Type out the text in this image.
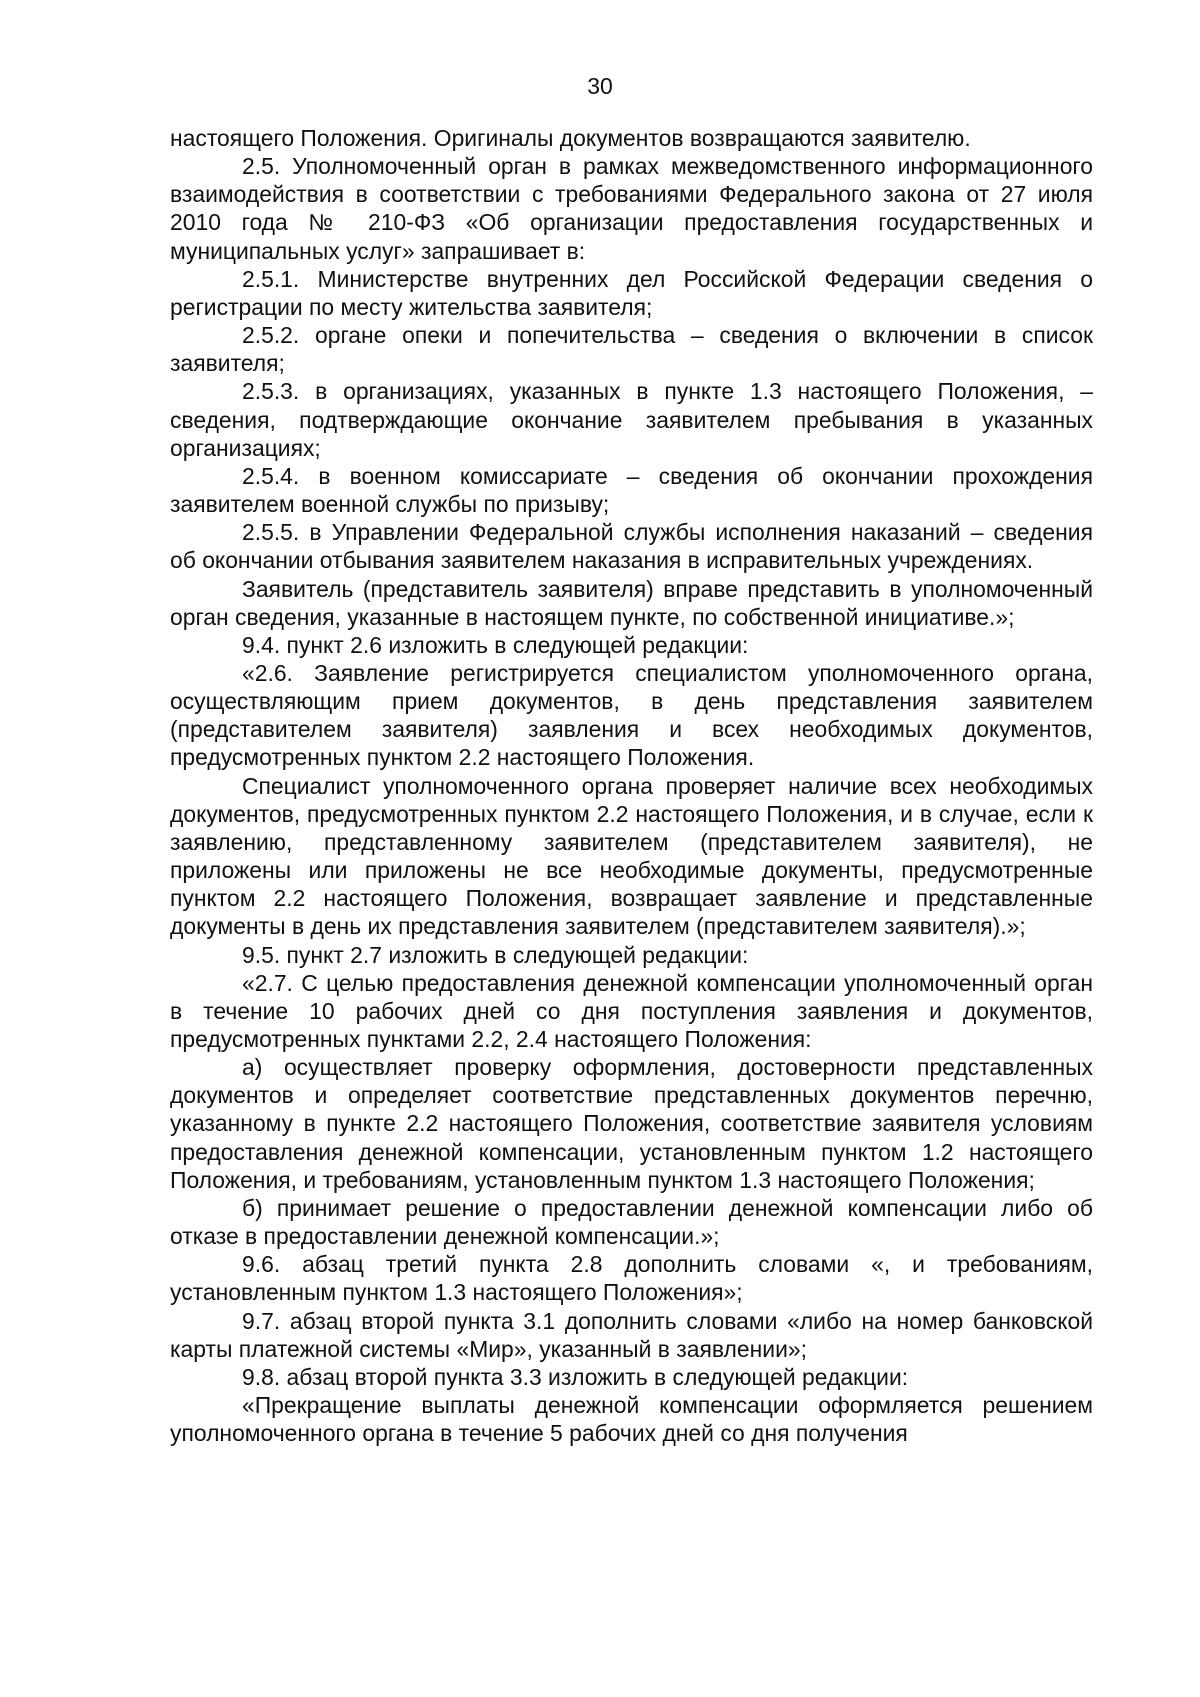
30

настоящего Положения. Оригиналы документов возвращаются заявителю.

2.5. Уполномоченный орган в рамках межведомственного информационного взаимодействия в соответствии с требованиями Федерального закона от 27 июля 2010 года № 210-ФЗ «Об организации предоставления государственных и муниципальных услуг» запрашивает в:

2.5.1. Министерстве внутренних дел Российской Федерации сведения о регистрации по месту жительства заявителя;

2.5.2. органе опеки и попечительства – сведения о включении в список заявителя;

2.5.3. в организациях, указанных в пункте 1.3 настоящего Положения, – сведения, подтверждающие окончание заявителем пребывания в указанных организациях;

2.5.4. в военном комиссариате – сведения об окончании прохождения заявителем военной службы по призыву;

2.5.5. в Управлении Федеральной службы исполнения наказаний – сведения об окончании отбывания заявителем наказания в исправительных учреждениях.

Заявитель (представитель заявителя) вправе представить в уполномоченный орган сведения, указанные в настоящем пункте, по собственной инициативе.»;

9.4. пункт 2.6 изложить в следующей редакции:

«2.6. Заявление регистрируется специалистом уполномоченного органа, осуществляющим прием документов, в день представления заявителем (представителем заявителя) заявления и всех необходимых документов, предусмотренных пунктом 2.2 настоящего Положения.

Специалист уполномоченного органа проверяет наличие всех необходимых документов, предусмотренных пунктом 2.2 настоящего Положения, и в случае, если к заявлению, представленному заявителем (представителем заявителя), не приложены или приложены не все необходимые документы, предусмотренные пунктом 2.2 настоящего Положения, возвращает заявление и представленные документы в день их представления заявителем (представителем заявителя).»;

9.5. пункт 2.7 изложить в следующей редакции:

«2.7. С целью предоставления денежной компенсации уполномоченный орган в течение 10 рабочих дней со дня поступления заявления и документов, предусмотренных пунктами 2.2, 2.4 настоящего Положения:

а) осуществляет проверку оформления, достоверности представленных документов и определяет соответствие представленных документов перечню, указанному в пункте 2.2 настоящего Положения, соответствие заявителя условиям предоставления денежной компенсации, установленным пунктом 1.2 настоящего Положения, и требованиям, установленным пунктом 1.3 настоящего Положения;

б) принимает решение о предоставлении денежной компенсации либо об отказе в предоставлении денежной компенсации.»;

9.6. абзац третий пункта 2.8 дополнить словами «, и требованиям, установленным пунктом 1.3 настоящего Положения»;

9.7. абзац второй пункта 3.1 дополнить словами «либо на номер банковской карты платежной системы «Мир», указанный в заявлении»;

9.8. абзац второй пункта 3.3 изложить в следующей редакции:

«Прекращение выплаты денежной компенсации оформляется решением уполномоченного органа в течение 5 рабочих дней со дня получения
